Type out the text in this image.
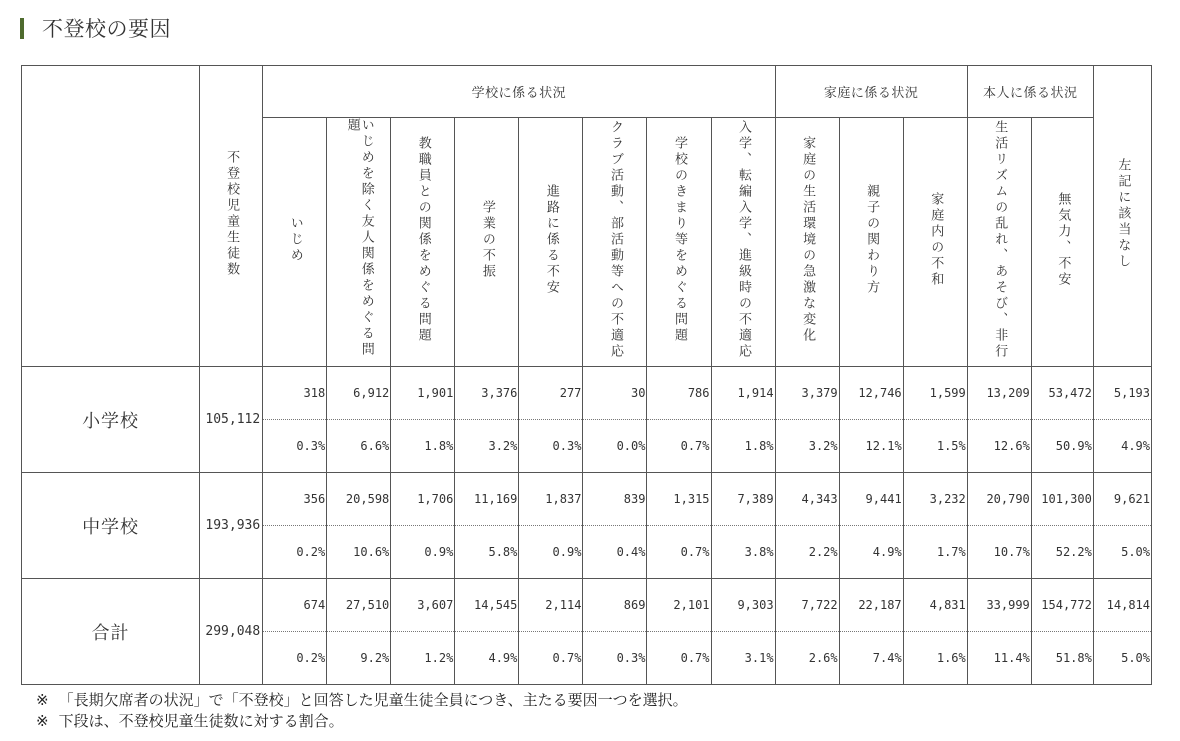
不登校の要因
	不登校児童生徒数	学校に係る状況								家庭に係る状況			本人に係る状況		左記に該当なし
		いじめ	いじめを除く友人関係をめぐる問題	教職員との関係をめぐる問題	学業の不振	進路に係る不安	クラブ活動、部活動等への不適応	学校のきまり等をめぐる問題	入学、転編入学、進級時の不適応	家庭の生活環境の急激な変化	親子の関わり方	家庭内の不和	生活リズムの乱れ、あそび、非行	無気力、不安	
小学校	105,112	318	6,912	1,901	3,376	277	30	786	1,914	3,379	12,746	1,599	13,209	53,472	5,193
		0.3%	6.6%	1.8%	3.2%	0.3%	0.0%	0.7%	1.8%	3.2%	12.1%	1.5%	12.6%	50.9%	4.9%
中学校	193,936	356	20,598	1,706	11,169	1,837	839	1,315	7,389	4,343	9,441	3,232	20,790	101,300	9,621
		0.2%	10.6%	0.9%	5.8%	0.9%	0.4%	0.7%	3.8%	2.2%	4.9%	1.7%	10.7%	52.2%	5.0%
合計	299,048	674	27,510	3,607	14,545	2,114	869	2,101	9,303	7,722	22,187	4,831	33,999	154,772	14,814
		0.2%	9.2%	1.2%	4.9%	0.7%	0.3%	0.7%	3.1%	2.6%	7.4%	1.6%	11.4%	51.8%	5.0%
※ 「長期欠席者の状況」で「不登校」と回答した児童生徒全員につき、主たる要因一つを選択。
※ 下段は、不登校児童生徒数に対する割合。
